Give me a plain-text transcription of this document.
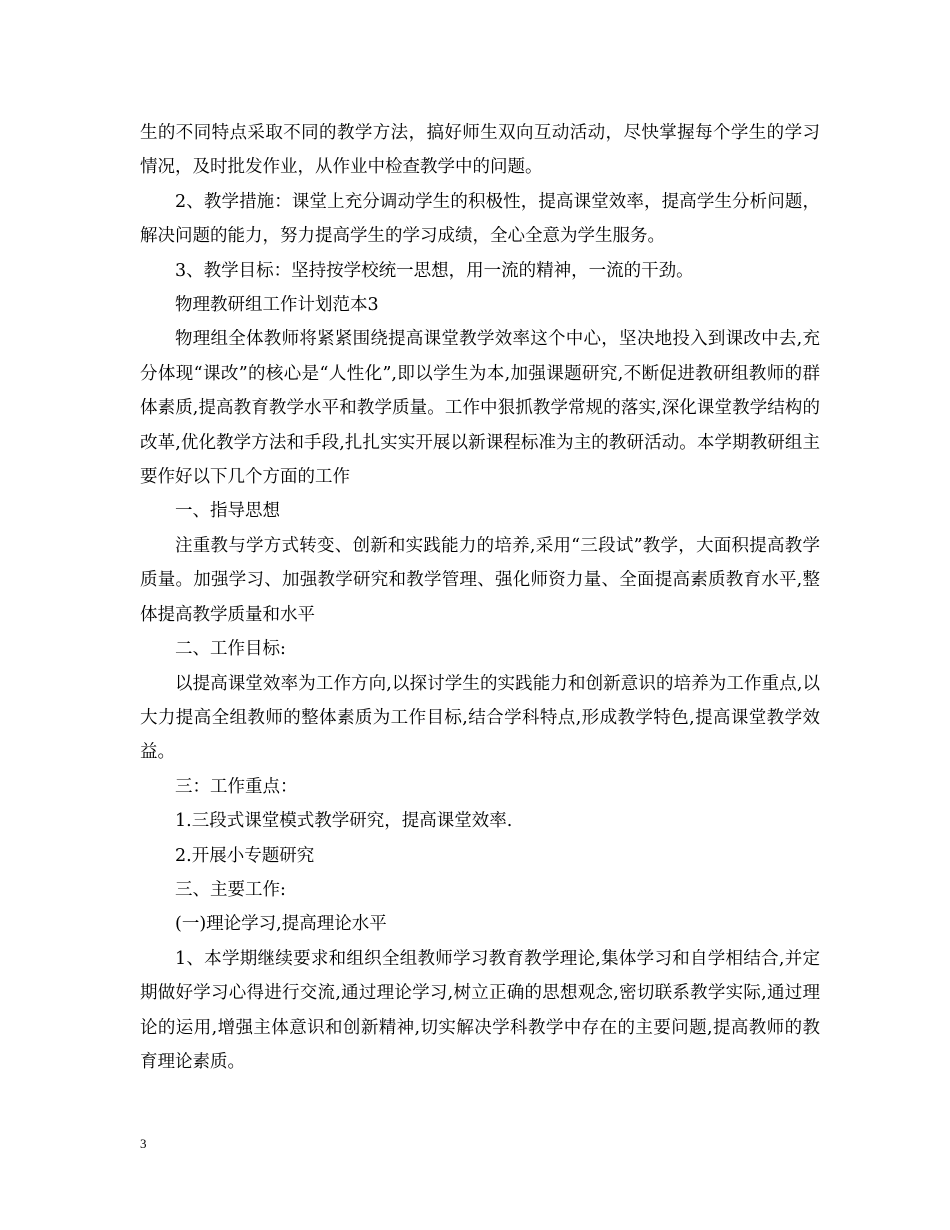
生的不同特点采取不同的教学方法，搞好师生双向互动活动，尽快掌握每个学生的学习情况，及时批发作业，从作业中检查教学中的问题。

2、教学措施：课堂上充分调动学生的积极性，提高课堂效率，提高学生分析问题，解决问题的能力，努力提高学生的学习成绩，全心全意为学生服务。

3、教学目标：坚持按学校统一思想，用一流的精神，一流的干劲。

物理教研组工作计划范本3

物理组全体教师将紧紧围绕提高课堂教学效率这个中心，坚决地投入到课改中去,充分体现“课改”的核心是“人性化”,即以学生为本,加强课题研究,不断促进教研组教师的群体素质,提高教育教学水平和教学质量。工作中狠抓教学常规的落实,深化课堂教学结构的改革,优化教学方法和手段,扎扎实实开展以新课程标准为主的教研活动。本学期教研组主要作好以下几个方面的工作

一、指导思想

注重教与学方式转变、创新和实践能力的培养,采用“三段试”教学，大面积提高教学质量。加强学习、加强教学研究和教学管理、强化师资力量、全面提高素质教育水平,整体提高教学质量和水平

二、工作目标:

以提高课堂效率为工作方向,以探讨学生的实践能力和创新意识的培养为工作重点,以大力提高全组教师的整体素质为工作目标,结合学科特点,形成教学特色,提高课堂教学效益。

三：工作重点：

1.三段式课堂模式教学研究，提高课堂效率.

2.开展小专题研究

三、主要工作:

(一)理论学习,提高理论水平

1、本学期继续要求和组织全组教师学习教育教学理论,集体学习和自学相结合,并定期做好学习心得进行交流,通过理论学习,树立正确的思想观念,密切联系教学实际,通过理论的运用,增强主体意识和创新精神,切实解决学科教学中存在的主要问题,提高教师的教育理论素质。

3
